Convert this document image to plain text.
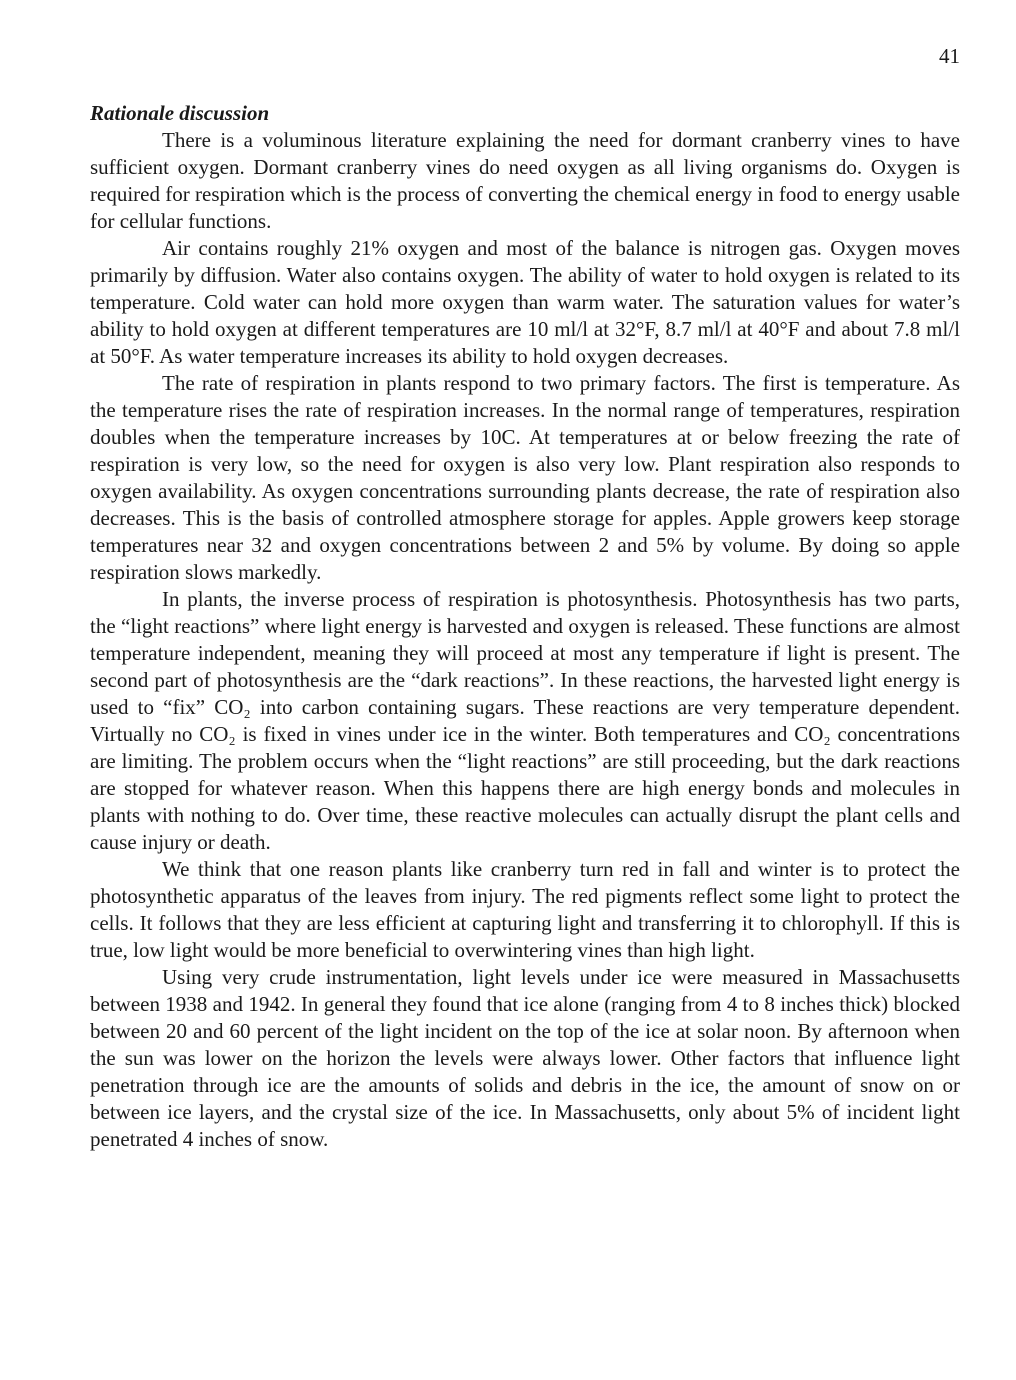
41

Rationale discussion

There is a voluminous literature explaining the need for dormant cranberry vines to have sufficient oxygen. Dormant cranberry vines do need oxygen as all living organisms do. Oxygen is required for respiration which is the process of converting the chemical energy in food to energy usable for cellular functions.

Air contains roughly 21% oxygen and most of the balance is nitrogen gas. Oxygen moves primarily by diffusion. Water also contains oxygen. The ability of water to hold oxygen is related to its temperature. Cold water can hold more oxygen than warm water. The saturation values for water’s ability to hold oxygen at different temperatures are 10 ml/l at 32°F, 8.7 ml/l at 40°F and about 7.8 ml/l at 50°F. As water temperature increases its ability to hold oxygen decreases.

The rate of respiration in plants respond to two primary factors. The first is temperature. As the temperature rises the rate of respiration increases. In the normal range of temperatures, respiration doubles when the temperature increases by 10C. At temperatures at or below freezing the rate of respiration is very low, so the need for oxygen is also very low. Plant respiration also responds to oxygen availability. As oxygen concentrations surrounding plants decrease, the rate of respiration also decreases. This is the basis of controlled atmosphere storage for apples. Apple growers keep storage temperatures near 32 and oxygen concentrations between 2 and 5% by volume. By doing so apple respiration slows markedly.

In plants, the inverse process of respiration is photosynthesis. Photosynthesis has two parts, the “light reactions” where light energy is harvested and oxygen is released. These functions are almost temperature independent, meaning they will proceed at most any temperature if light is present. The second part of photosynthesis are the “dark reactions”. In these reactions, the harvested light energy is used to “fix” CO₂ into carbon containing sugars. These reactions are very temperature dependent. Virtually no CO₂ is fixed in vines under ice in the winter. Both temperatures and CO₂ concentrations are limiting. The problem occurs when the “light reactions” are still proceeding, but the dark reactions are stopped for whatever reason. When this happens there are high energy bonds and molecules in plants with nothing to do. Over time, these reactive molecules can actually disrupt the plant cells and cause injury or death.

We think that one reason plants like cranberry turn red in fall and winter is to protect the photosynthetic apparatus of the leaves from injury. The red pigments reflect some light to protect the cells. It follows that they are less efficient at capturing light and transferring it to chlorophyll. If this is true, low light would be more beneficial to overwintering vines than high light.

Using very crude instrumentation, light levels under ice were measured in Massachusetts between 1938 and 1942. In general they found that ice alone (ranging from 4 to 8 inches thick) blocked between 20 and 60 percent of the light incident on the top of the ice at solar noon. By afternoon when the sun was lower on the horizon the levels were always lower. Other factors that influence light penetration through ice are the amounts of solids and debris in the ice, the amount of snow on or between ice layers, and the crystal size of the ice. In Massachusetts, only about 5% of incident light penetrated 4 inches of snow.
